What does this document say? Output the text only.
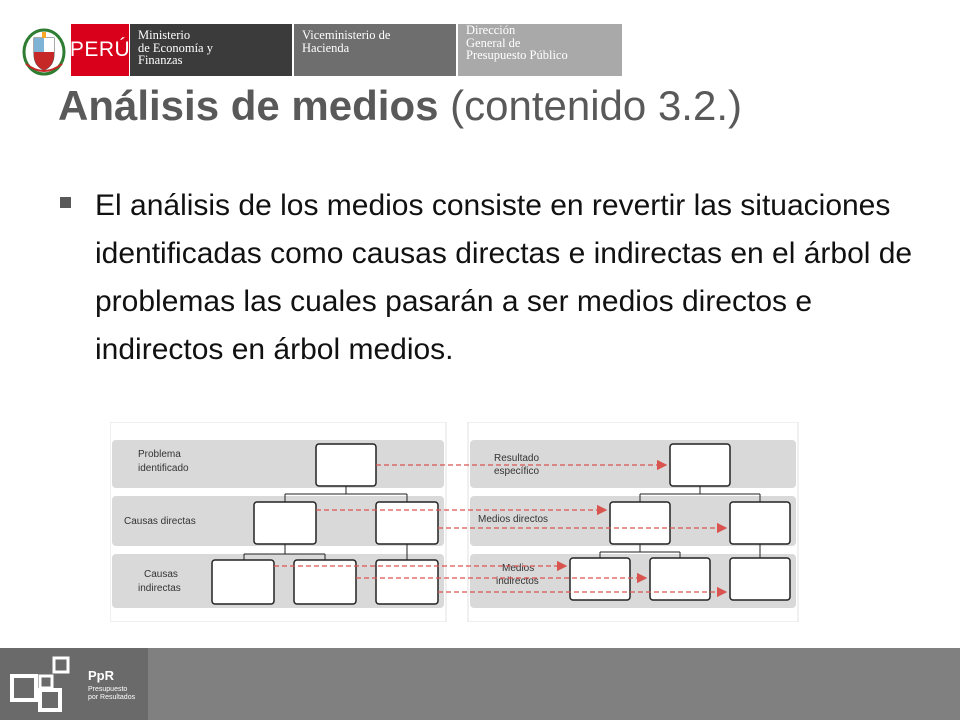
PERÚ
Ministerio
de Economía y
Finanzas
Viceministerio de
Hacienda
Dirección
General de
Presupuesto Público
Análisis de medios (contenido 3.2.)
El análisis de los medios consiste en revertir las situaciones identificadas como causas directas e indirectas en el árbol de problemas las cuales pasarán a ser medios directos e indirectos en árbol medios.
Problema
identificado
Causas directas
Causas
indirectas
Resultado
específico
Medios directos
Medios
indirectos
PpR
Presupuesto
por Resultados
